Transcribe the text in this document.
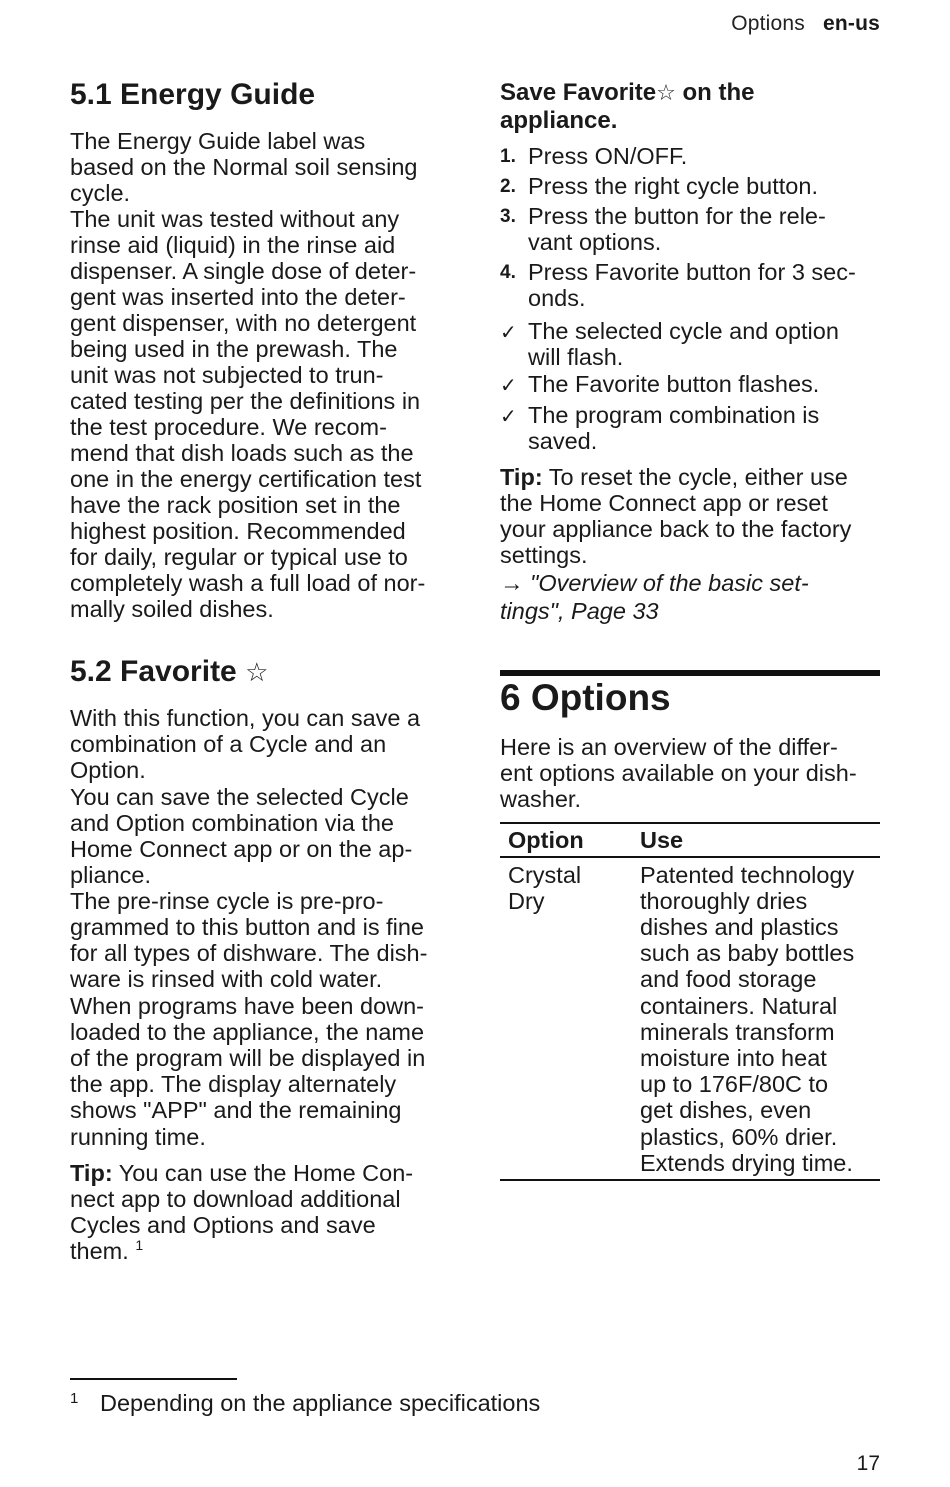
Options en-us
5.1 Energy Guide
The Energy Guide label was
based on the Normal soil sensing
cycle.
The unit was tested without any
rinse aid (liquid) in the rinse aid
dispenser. A single dose of deter-
gent was inserted into the deter-
gent dispenser, with no detergent
being used in the prewash. The
unit was not subjected to trun-
cated testing per the definitions in
the test procedure. We recom-
mend that dish loads such as the
one in the energy certification test
have the rack position set in the
highest position. Recommended
for daily, regular or typical use to
completely wash a full load of nor-
mally soiled dishes.
5.2 Favorite ☆
With this function, you can save a
combination of a Cycle and an
Option.
You can save the selected Cycle
and Option combination via the
Home Connect app or on the ap-
pliance.
The pre-rinse cycle is pre-pro-
grammed to this button and is fine
for all types of dishware. The dish-
ware is rinsed with cold water.
When programs have been down-
loaded to the appliance, the name
of the program will be displayed in
the app. The display alternately
shows "APP" and the remaining
running time.
Tip: You can use the Home Con-
nect app to download additional
Cycles and Options and save
them. $^1$
Save Favorite☆ on the
appliance.
1. Press ON/OFF.
2. Press the right cycle button.
3. Press the button for the rele-
vant options.
4. Press Favorite button for 3 sec-
onds.
✓ The selected cycle and option
will flash.
✓ The Favorite button flashes.
✓ The program combination is
saved.
Tip: To reset the cycle, either use
the Home Connect app or reset
your appliance back to the factory
settings.
→ "Overview of the basic set-
tings", Page 33
6 Options
Here is an overview of the differ-
ent options available on your dish-
washer.
Option Use
Crystal
Dry
Patented technology
thoroughly dries
dishes and plastics
such as baby bottles
and food storage
containers. Natural
minerals transform
moisture into heat
up to 176F/80C to
get dishes, even
plastics, 60% drier.
Extends drying time.
1 Depending on the appliance specifications
17
